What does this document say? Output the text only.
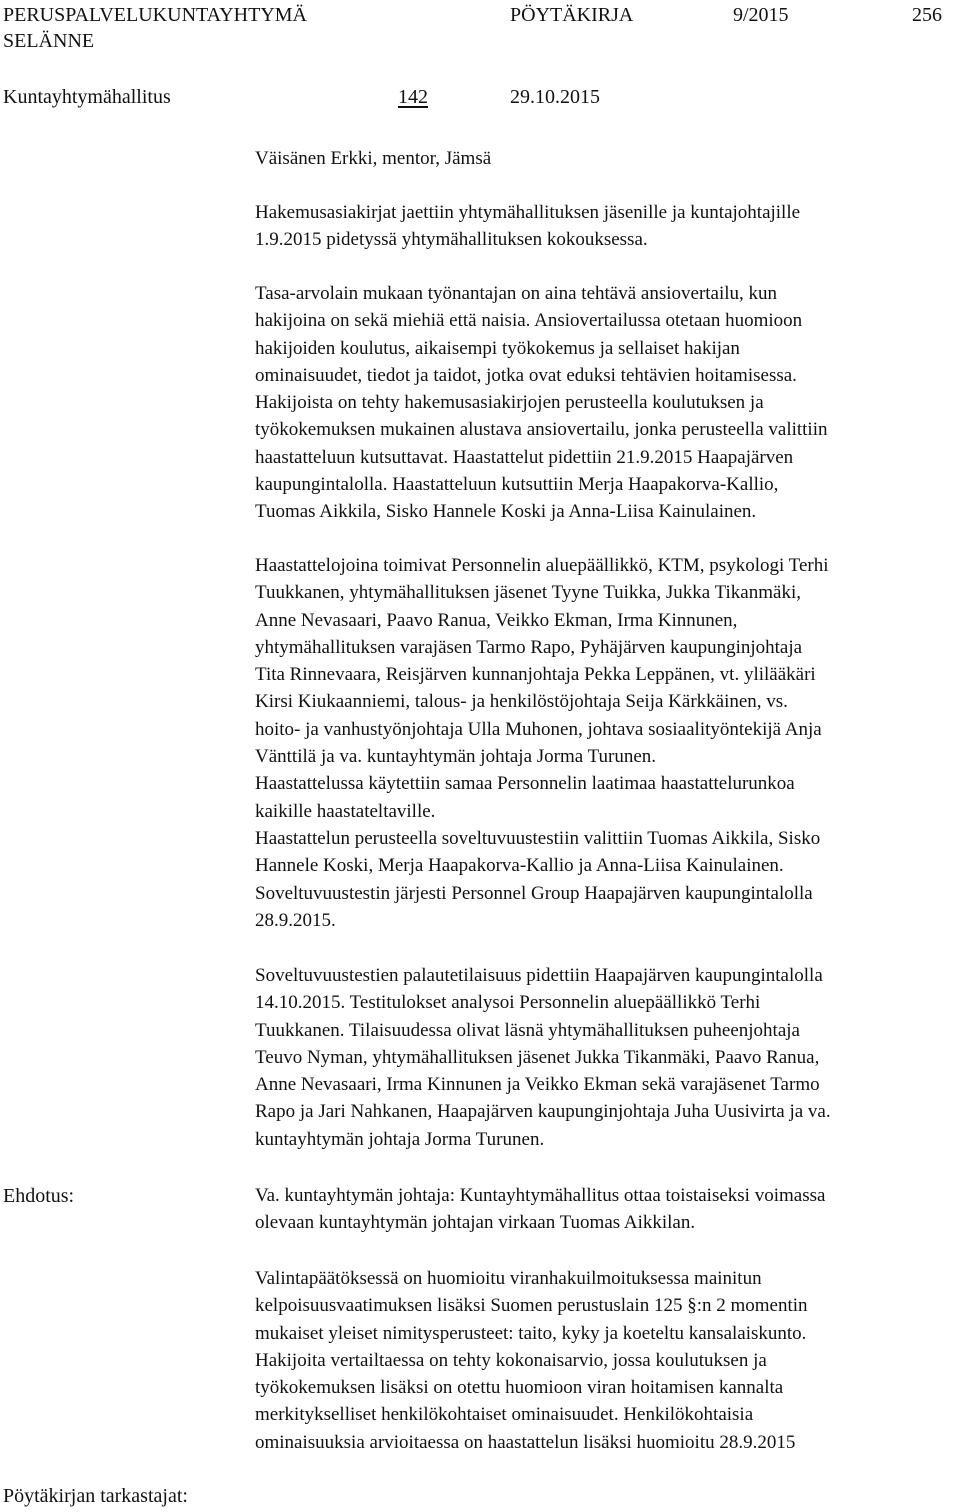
PERUSPALVELUKUNTAYHTYMÄ
SELÄNNE
PÖYTÄKIRJA	9/2015	256
Kuntayhtymähallitus	142	29.10.2015

Väisänen Erkki, mentor, Jämsä

Hakemusasiakirjat jaettiin yhtymähallituksen jäsenille ja kuntajohtajille

1.9.2015 pidetyssä yhtymähallituksen kokouksessa.

Tasa-arvolain mukaan työnantajan on aina tehtävä ansiovertailu, kun

hakijoina on sekä miehiä että naisia. Ansiovertailussa otetaan huomioon

hakijoiden koulutus, aikaisempi työkokemus ja sellaiset hakijan

ominaisuudet, tiedot ja taidot, jotka ovat eduksi tehtävien hoitamisessa.

Hakijoista on tehty hakemusasiakirjojen perusteella koulutuksen ja

työkokemuksen mukainen alustava ansiovertailu, jonka perusteella valittiin

haastatteluun kutsuttavat. Haastattelut pidettiin 21.9.2015 Haapajärven

kaupungintalolla. Haastatteluun kutsuttiin Merja Haapakorva-Kallio,

Tuomas Aikkila, Sisko Hannele Koski ja Anna-Liisa Kainulainen.

Haastattelojoina toimivat Personnelin aluepäällikkö, KTM, psykologi Terhi

Tuukkanen, yhtymähallituksen jäsenet Tyyne Tuikka, Jukka Tikanmäki,

Anne Nevasaari, Paavo Ranua, Veikko Ekman, Irma Kinnunen,

yhtymähallituksen varajäsen Tarmo Rapo, Pyhäjärven kaupunginjohtaja

Tita Rinnevaara, Reisjärven kunnanjohtaja Pekka Leppänen, vt. ylilääkäri

Kirsi Kiukaanniemi, talous- ja henkilöstöjohtaja Seija Kärkkäinen, vs.

hoito- ja vanhustyönjohtaja Ulla Muhonen, johtava sosiaalityöntekijä Anja

Vänttilä ja va. kuntayhtymän johtaja Jorma Turunen.

Haastattelussa käytettiin samaa Personnelin laatimaa haastattelurunkoa

kaikille haastateltaville.

Haastattelun perusteella soveltuvuustestiin valittiin Tuomas Aikkila, Sisko

Hannele Koski, Merja Haapakorva-Kallio ja Anna-Liisa Kainulainen.

Soveltuvuustestin järjesti Personnel Group Haapajärven kaupungintalolla

28.9.2015.

Soveltuvuustestien palautetilaisuus pidettiin Haapajärven kaupungintalolla

14.10.2015. Testitulokset analysoi Personnelin aluepäällikkö Terhi

Tuukkanen. Tilaisuudessa olivat läsnä yhtymähallituksen puheenjohtaja

Teuvo Nyman, yhtymähallituksen jäsenet Jukka Tikanmäki, Paavo Ranua,

Anne Nevasaari, Irma Kinnunen ja Veikko Ekman sekä varajäsenet Tarmo

Rapo ja Jari Nahkanen, Haapajärven kaupunginjohtaja Juha Uusivirta ja va.

kuntayhtymän johtaja Jorma Turunen.

Ehdotus:	Va. kuntayhtymän johtaja: Kuntayhtymähallitus ottaa toistaiseksi voimassa

olevaan kuntayhtymän johtajan virkaan Tuomas Aikkilan.

Valintapäätöksessä on huomioitu viranhakuilmoituksessa mainitun

kelpoisuusvaatimuksen lisäksi Suomen perustuslain 125 §:n 2 momentin

mukaiset yleiset nimitysperusteet: taito, kyky ja koeteltu kansalaiskunto.

Hakijoita vertailtaessa on tehty kokonaisarvio, jossa koulutuksen ja

työkokemuksen lisäksi on otettu huomioon viran hoitamisen kannalta

merkitykselliset henkilökohtaiset ominaisuudet. Henkilökohtaisia

ominaisuuksia arvioitaessa on haastattelun lisäksi huomioitu 28.9.2015

Pöytäkirjan tarkastajat:
